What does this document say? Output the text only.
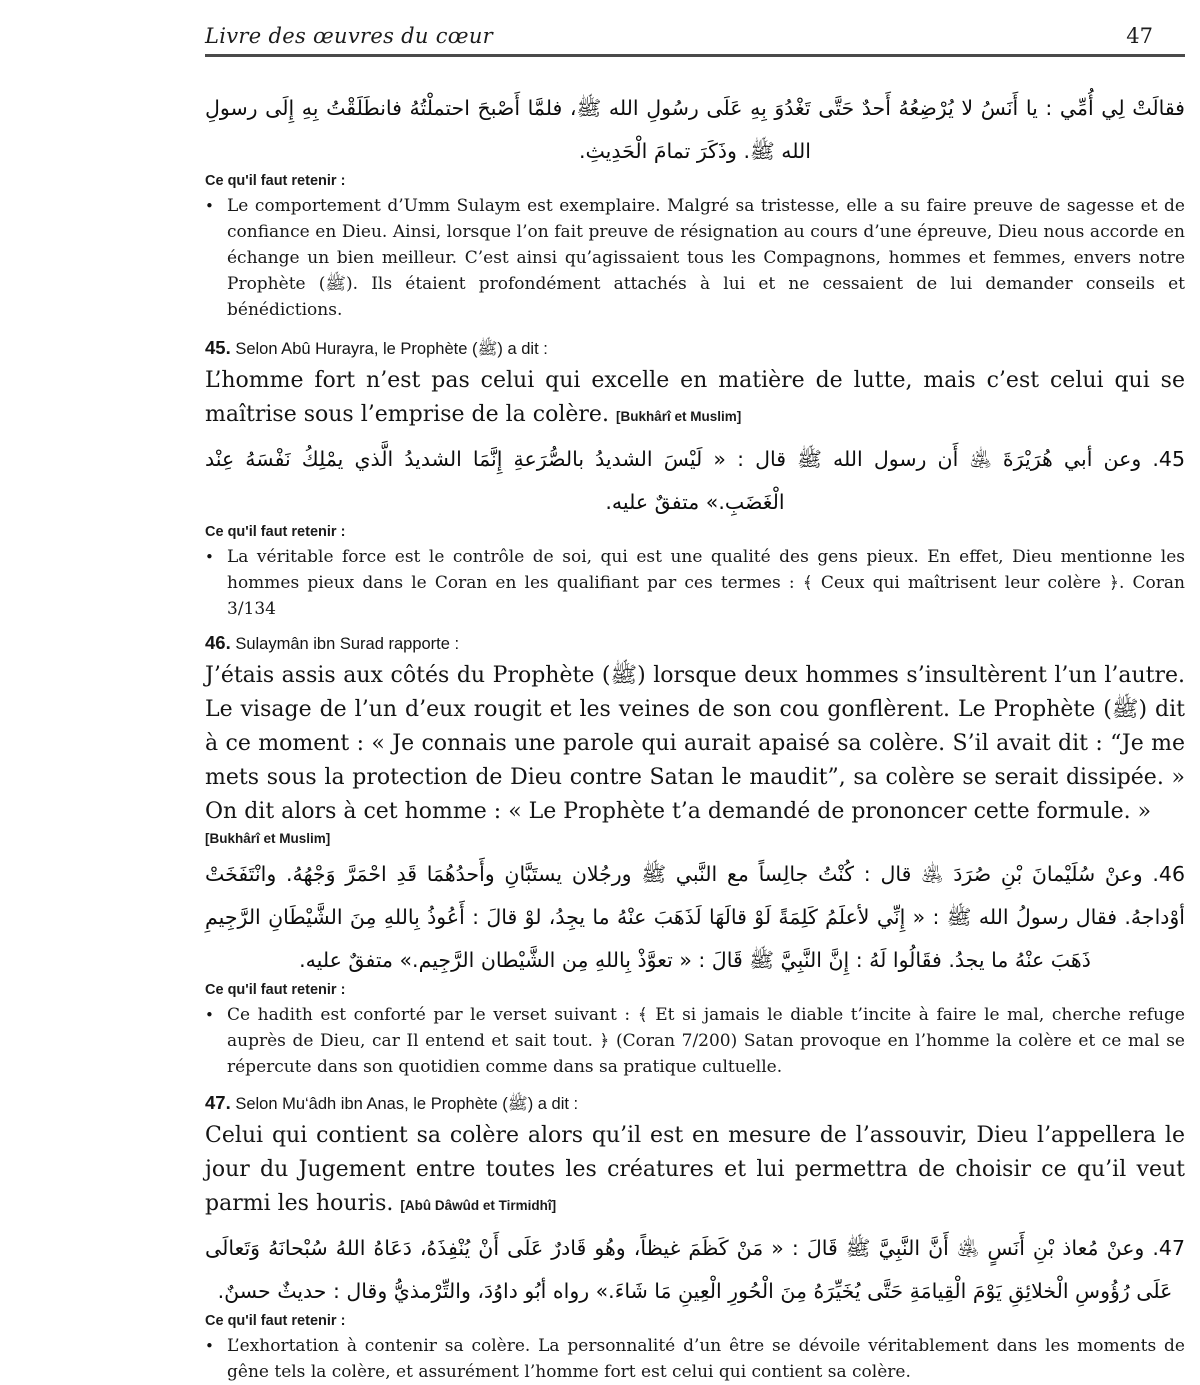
Livre des œuvres du cœur	47
فقالَتْ لِي أُمِّي : يا أَنَسُ لا يُرْضِعُهُ أَحدٌ حَتَّى تَغْدُوَ بِهِ عَلَى رسُولِ الله ﷺ، فلمَّا أَصْبحَ احتملْتُهُ فانطَلَقْتُ بِهِ إِلَى رسولِ
الله ﷺ. وذَكَرَ تمامَ الْحَدِيثِ.
Ce qu'il faut retenir :
• Le comportement d’Umm Sulaym est exemplaire. Malgré sa tristesse, elle a su faire preuve de sagesse et de confiance en Dieu. Ainsi, lorsque l’on fait preuve de résignation au cours d’une épreuve, Dieu nous accorde en échange un bien meilleur. C’est ainsi qu’agissaient tous les Compagnons, hommes et femmes, envers notre Prophète (ﷺ). Ils étaient profondément attachés à lui et ne cessaient de lui demander conseils et bénédictions.
45. Selon Abû Hurayra, le Prophète (ﷺ) a dit :
L’homme fort n’est pas celui qui excelle en matière de lutte, mais c’est celui qui se maîtrise sous l’emprise de la colère. [Bukhârî et Muslim]
45. وعن أبي هُرَيْرَةَ ﵁ أَن رسول الله ﷺ قال : « لَيْسَ الشديدُ بالصُّرَعةِ إِنَّمَا الشديدُ الَّذي يمْلِكُ نَفْسَهُ عِنْد
الْغَضَبِ.» متفقٌ عليه.
Ce qu'il faut retenir :
• La véritable force est le contrôle de soi, qui est une qualité des gens pieux. En effet, Dieu mentionne les hommes pieux dans le Coran en les qualifiant par ces termes : ﴾ Ceux qui maîtrisent leur colère ﴿. Coran 3/134
46. Sulaymân ibn Surad rapporte :
J’étais assis aux côtés du Prophète (ﷺ) lorsque deux hommes s’insultèrent l’un l’autre. Le visage de l’un d’eux rougit et les veines de son cou gonflèrent. Le Prophète (ﷺ) dit à ce moment : « Je connais une parole qui aurait apaisé sa colère. S’il avait dit : “Je me mets sous la protection de Dieu contre Satan le maudit”, sa colère se serait dissipée. » On dit alors à cet homme : « Le Prophète t’a demandé de prononcer cette formule. »
[Bukhârî et Muslim]
46. وعنْ سُلَيْمانَ بْنِ صُرَدَ ﵁ قال : كُنْتُ جالِساً مع النَّبي ﷺ ورجُلان يستَبَّانِ وأَحدُهُمَا قَدِ احْمَرَّ وَجْهُهُ. وانْتَفَخَتْ
أوْداجهُ. فقال رسولُ الله ﷺ : « إِنِّي لأعلَمُ كَلِمَةً لَوْ قالَهَا لَذَهَبَ عنْهُ ما يجِدُ، لوْ قالَ : أَعُوذُ بِاللهِ مِنَ الشَّيْطَانِ الرَّجِيمِ
ذَهَبَ عنْهُ ما يجدُ. فقَالُوا لَهُ : إِنَّ النَّبِيَّ ﷺ قَالَ : « تعوَّذْ بِاللهِ مِن الشَّيْطان الرَّجِيم.» متفقٌ عليه.
Ce qu'il faut retenir :
• Ce hadith est conforté par le verset suivant : ﴾ Et si jamais le diable t’incite à faire le mal, cherche refuge auprès de Dieu, car Il entend et sait tout. ﴿ (Coran 7/200) Satan provoque en l’homme la colère et ce mal se répercute dans son quotidien comme dans sa pratique cultuelle.
47. Selon Mu‘âdh ibn Anas, le Prophète (ﷺ) a dit :
Celui qui contient sa colère alors qu’il est en mesure de l’assouvir, Dieu l’appellera le jour du Jugement entre toutes les créatures et lui permettra de choisir ce qu’il veut parmi les houris. [Abû Dâwûd et Tirmidhî]
47. وعنْ مُعاذ بْنِ أَنَسٍ ﵁ أَنَّ النَّبِيَّ ﷺ قَالَ : « مَنْ كَظَمَ غيظاً، وهُو قَادرٌ عَلَى أَنْ يُنْفِذَهُ، دَعَاهُ اللهُ سُبْحانَهُ وَتَعالَى
عَلَى رُؤُوسِ الْخلائِقِ يَوْمَ الْقِيامَةِ حَتَّى يُخَيِّرَهُ مِنَ الْحُورِ الْعِينِ مَا شَاءَ.» رواه أبُو داوُدَ، والتِّرْمذيُّ وقال : حديثٌ حسنٌ.
Ce qu'il faut retenir :
• L’exhortation à contenir sa colère. La personnalité d’un être se dévoile véritablement dans les moments de gêne tels la colère, et assurément l’homme fort est celui qui contient sa colère.
